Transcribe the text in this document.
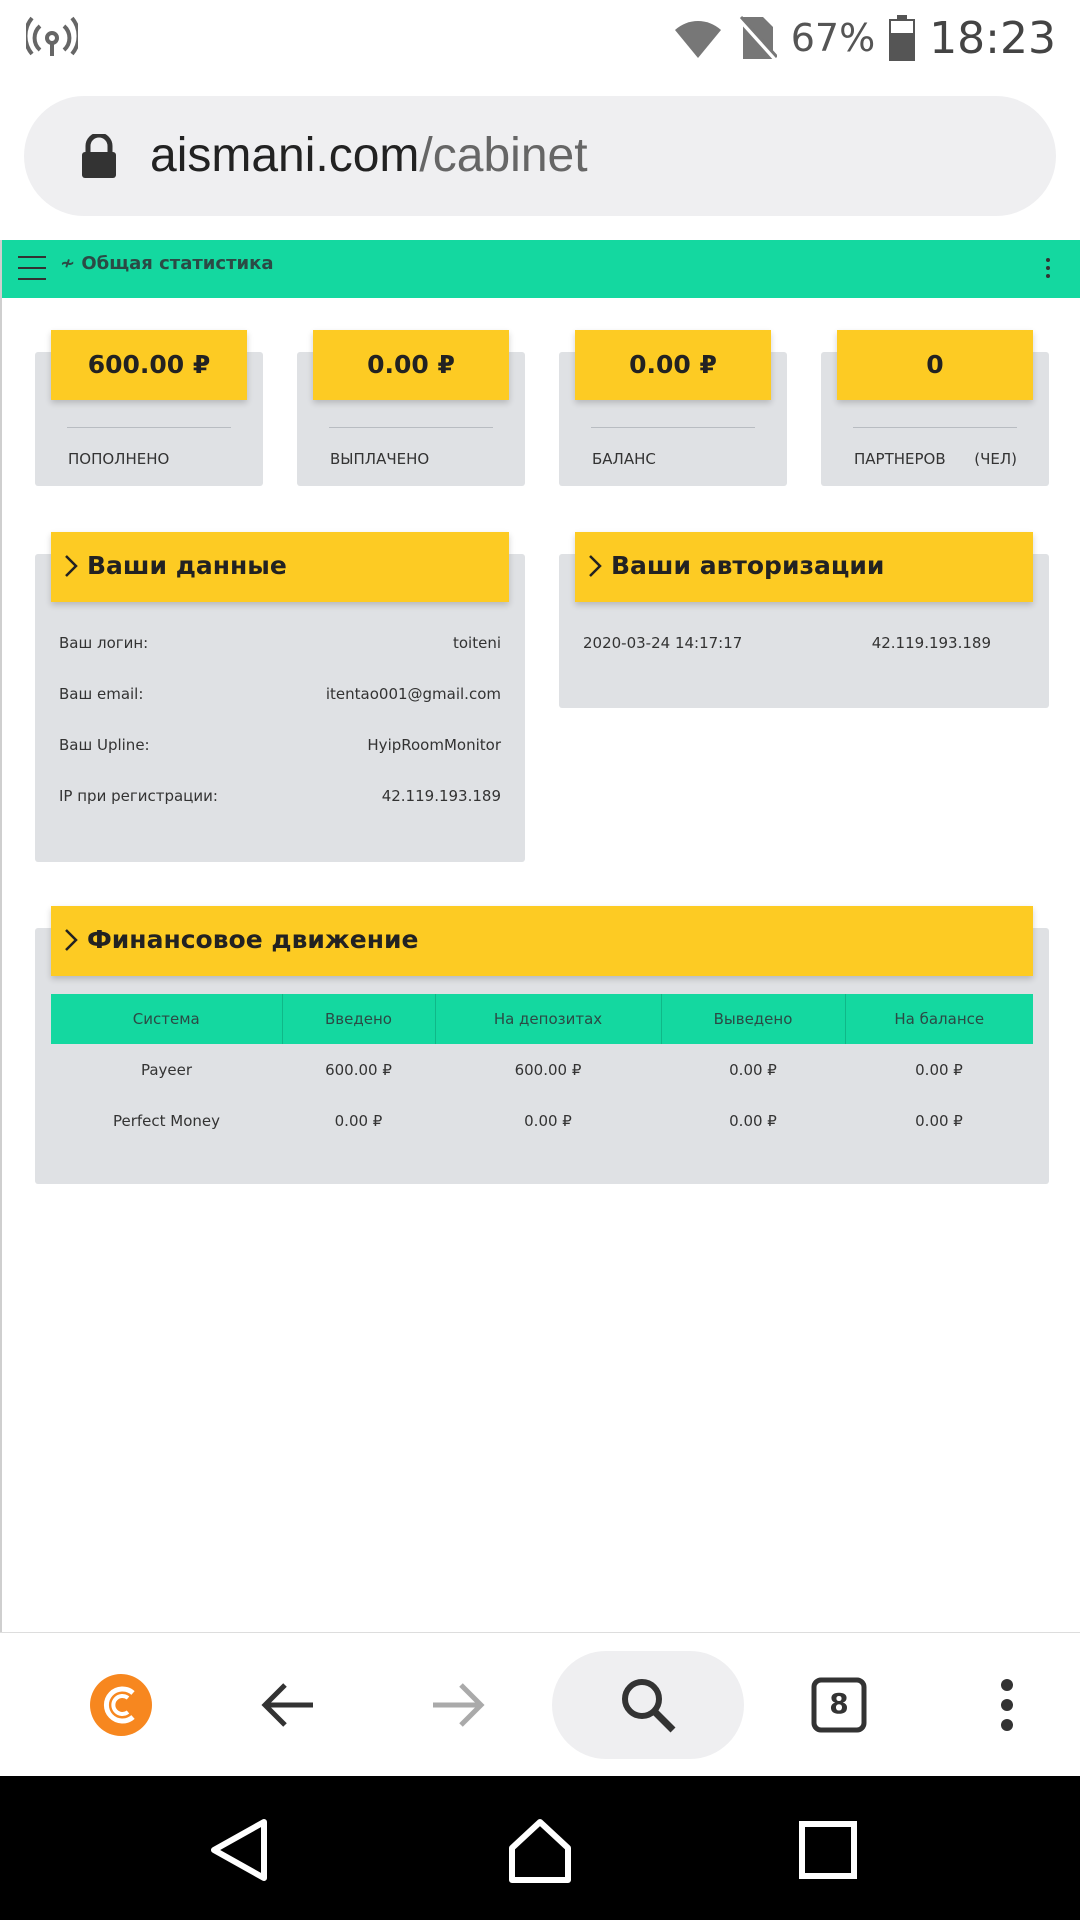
67% 18:23
aismani.com/cabinet
≁ Общая статистика
600.00 ₽
ПОПОЛНЕНО
0.00 ₽
ВЫПЛАЧЕНО
0.00 ₽
БАЛАНС
0
ПАРТНЕРОВ (ЧЕЛ)
Ваши данные
Ваш логин:	toiteni
Ваш email:	itentao001@gmail.com
Ваш Upline:	HyipRoomMonitor
IP при регистрации:	42.119.193.189
Ваши авторизации
2020-03-24 14:17:17	42.119.193.189
Финансовое движение
Система	Введено	На депозитах	Выведено	На балансе
Payeer	600.00 ₽	600.00 ₽	0.00 ₽	0.00 ₽
Perfect Money	0.00 ₽	0.00 ₽	0.00 ₽	0.00 ₽
8
